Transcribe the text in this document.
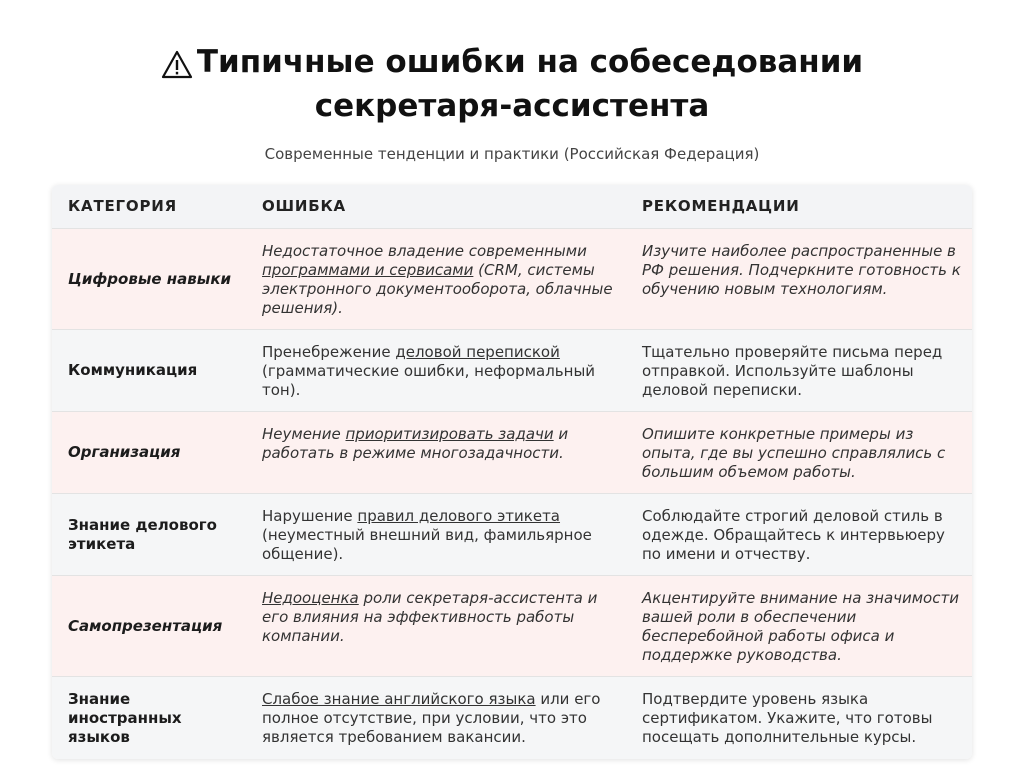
Типичные ошибки на собеседовании
секретаря-ассистента
Современные тенденции и практики (Российская Федерация)
КАТЕГОРИЯ	ОШИБКА	РЕКОМЕНДАЦИИ
Цифровые навыки
Недостаточное владение современными программами и сервисами (CRM, системы электронного документооборота, облачные решения).
Изучите наиболее распространенные в РФ решения. Подчеркните готовность к обучению новым технологиям.
Коммуникация
Пренебрежение деловой перепиской (грамматические ошибки, неформальный тон).
Тщательно проверяйте письма перед отправкой. Используйте шаблоны деловой переписки.
Организация
Неумение приоритизировать задачи и работать в режиме многозадачности.
Опишите конкретные примеры из опыта, где вы успешно справлялись с большим объемом работы.
Знание делового этикета
Нарушение правил делового этикета (неуместный внешний вид, фамильярное общение).
Соблюдайте строгий деловой стиль в одежде. Обращайтесь к интервьюеру по имени и отчеству.
Самопрезентация
Недооценка роли секретаря-ассистента и его влияния на эффективность работы компании.
Акцентируйте внимание на значимости вашей роли в обеспечении бесперебойной работы офиса и поддержке руководства.
Знание иностранных языков
Слабое знание английского языка или его полное отсутствие, при условии, что это является требованием вакансии.
Подтвердите уровень языка сертификатом. Укажите, что готовы посещать дополнительные курсы.
